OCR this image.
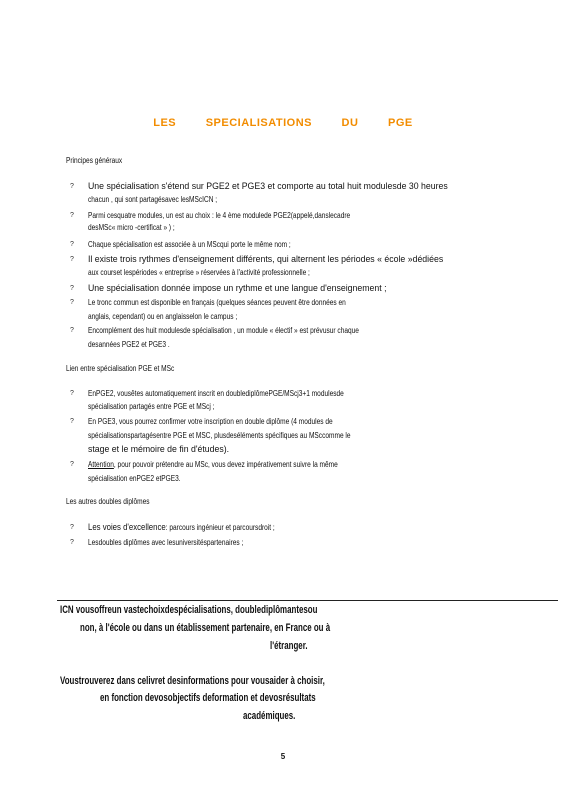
LES SPECIALISATIONS DU PGE
Principes généraux
? Une spécialisation s'étend sur PGE2 et PGE3 et comporte au total huit modulesde 30 heures
chacun , qui sont partagésavec lesMScICN ;
? Parmi cesquatre modules, un est au choix : le 4 ème modulede PGE2(appelé,danslecadre
desMSc« micro -certificat » ) ;
? Chaque spécialisation est associée à un MScqui porte le même nom ;
? Il existe trois rythmes d'enseignement différents, qui alternent les périodes « école »dédiées
aux courset lespériodes « entreprise » réservées à l'activité professionnelle ;
? Une spécialisation donnée impose un rythme et une langue d'enseignement ;
? Le tronc commun est disponible en français (quelques séances peuvent être données en
anglais, cependant) ou en anglaisselon le campus ;
? Encomplément des huit modulesde spécialisation , un module « électif » est prévusur chaque
desannées PGE2 et PGE3 .
Lien entre spécialisation PGE et MSc
? EnPGE2, vousêtes automatiquement inscrit en doublediplômePGE/MScj3+1 modulesde
spécialisation partagés entre PGE et MScj ;
? En PGE3, vous pourrez confirmer votre inscription en double diplôme (4 modules de
spécialisationspartagésentre PGE et MSC, plusdeséléments spécifiques au MSccomme le
stage et le mémoire de fin d'études).
? Attention, pour pouvoir prétendre au MSc, vous devez impérativement suivre la même
spécialisation enPGE2 etPGE3.
Les autres doubles diplômes
? Les voies d'excellence: parcours ingénieur et parcoursdroit ;
? Lesdoubles diplômes avec lesuniversitéspartenaires ;
ICN vousoffreun vastechoixdespécialisations, doublediplômantesou
non, à l'école ou dans un établissement partenaire, en France ou à
l'étranger.
Voustrouverez dans celivret desinformations pour vousaider à choisir,
en fonction devosobjectifs deformation et devosrésultats
académiques.
5
